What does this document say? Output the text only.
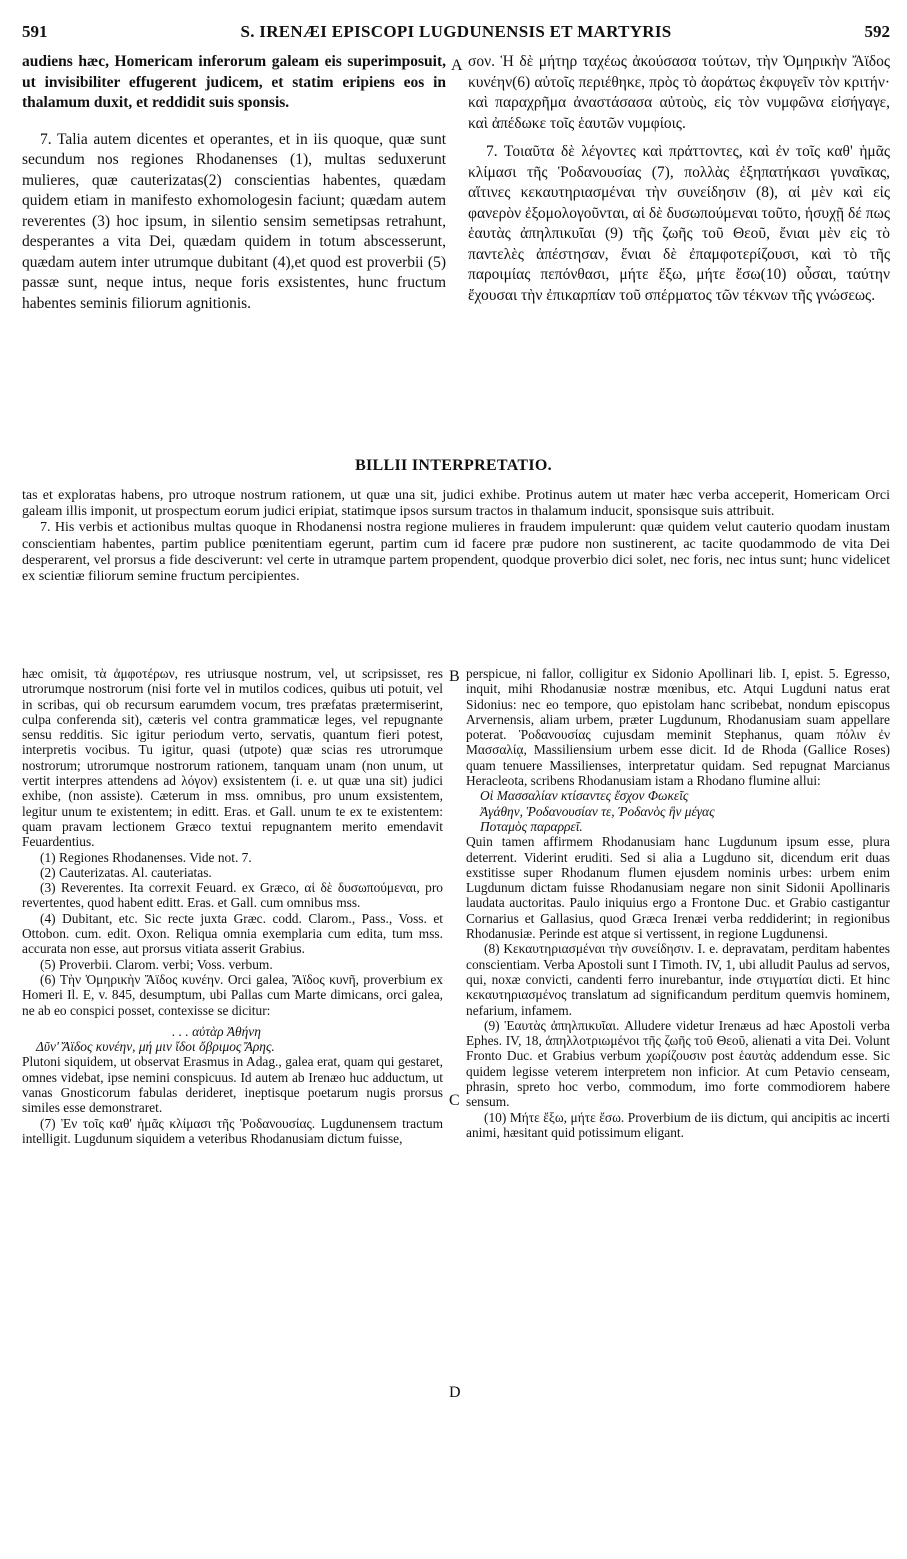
591	S. IRENÆI EPISCOPI LUGDUNENSIS ET MARTYRIS	592

audiens hæc, Homericam inferorum galeam eis superimposuit, ut invisibiliter effugerent judicem, et statim eripiens eos in thalamum duxit, et reddidit suis sponsis.

7. Talia autem dicentes et operantes, et in iis quoque, quæ sunt secundum nos regiones Rhodanenses (1), multas seduxerunt mulieres, quæ cauterizatas(2) conscientias habentes, quædam quidem etiam in manifesto exhomologesin faciunt; quædam autem reverentes (3) hoc ipsum, in silentio sensim semetipsas retrahunt, desperantes a vita Dei, quædam quidem in totum abscesserunt, quædam autem inter utrumque dubitant (4),et quod est proverbii (5) passæ sunt, neque intus, neque foris exsistentes, hunc fructum habentes seminis filiorum agnitionis.

A σον. Ἡ δὲ μήτηρ ταχέως ἀκούσασα τούτων, τὴν Ὁμηρικὴν Ἄϊδος κυνέην(6) αὐτοῖς περιέθηκε, πρὸς τὸ ἀοράτως ἐκφυγεῖν τὸν κριτήν· καὶ παραχρῆμα ἀναστάσασα αὐτοὺς, εἰς τὸν νυμφῶνα εἰσήγαγε, καὶ ἀπέδωκε τοῖς ἑαυτῶν νυμφίοις.

7. Τοιαῦτα δὲ λέγοντες καὶ πράττοντες, καὶ ἐν τοῖς καθ' ἡμᾶς κλίμασι τῆς Ῥοδανουσίας (7), πολλὰς ἐξηπατήκασι γυναῖκας, αἵτινες κεκαυτηριασμέναι τὴν συνείδησιν (8), αἱ μὲν καὶ εἰς φανερὸν ἐξομολογοῦνται, αἱ δὲ δυσωπούμεναι τοῦτο, ἡσυχῇ δέ πως ἑαυτὰς ἀπηλπικυῖαι (9) τῆς ζωῆς τοῦ Θεοῦ, ἔνιαι μὲν εἰς τὸ παντελὲς ἀπέστησαν, ἔνιαι δὲ ἐπαμφοτερίζουσι, καὶ τὸ τῆς παροιμίας πεπόνθασι, μήτε ἔξω, μήτε ἔσω(10) οὖσαι, ταύτην ἔχουσαι τὴν ἐπικαρπίαν τοῦ σπέρματος τῶν τέκνων τῆς γνώσεως.

BILLII INTERPRETATIO.

tas et exploratas habens, pro utroque nostrum rationem, ut quæ una sit, judici exhibe. Protinus autem ut mater hæc verba acceperit, Homericam Orci galeam illis imponit, ut prospectum eorum judici eripiat, statimque ipsos sursum tractos in thalamum inducit, sponsisque suis attribuit.

7. His verbis et actionibus multas quoque in Rhodanensi nostra regione mulieres in fraudem impulerunt: quæ quidem velut cauterio quodam inustam conscientiam habentes, partim publice pœnitentiam egerunt, partim cum id facere præ pudore non sustinerent, ac tacite quodammodo de vita Dei desperarent, vel prorsus a fide desciverunt: vel certe in utramque partem propendent, quodque proverbio dici solet, nec foris, nec intus sunt; hunc videlicet ex scientiæ filiorum semine fructum percipientes.

hæc omisit, τὰ ἀμφοτέρων, res utriusque nostrum, vel, ut scripsisset, res utrorumque nostrorum (nisi forte vel in mutilos codices, quibus uti potuit, vel in scribas, qui ob recursum earumdem vocum, tres præfatas prætermiserint, culpa conferenda sit), cæteris vel contra grammaticæ leges, vel repugnante sensu redditis. Sic igitur periodum verto, servatis, quantum fieri potest, interpretis vocibus. Tu igitur, quasi (utpote) quæ scias res utrorumque nostrorum; utrorumque nostrorum rationem, tanquam unam (non unum, ut vertit interpres attendens ad λόγον) exsistentem (i. e. ut quæ una sit) judici exhibe, (non assiste). Cæterum in mss. omnibus, pro unum exsistentem, legitur unum te existentem; in editt. Eras. et Gall. unum te ex te existentem: quam pravam lectionem Græco textui repugnantem merito emendavit Feuardentius.

(1) Regiones Rhodanenses. Vide not. 7.

(2) Cauterizatas. Al. cauteriatas.

(3) Reverentes. Ita correxit Feuard. ex Græco, αἱ δὲ δυσωπούμεναι, pro revertentes, quod habent editt. Eras. et Gall. cum omnibus mss.

(4) Dubitant, etc. Sic recte juxta Græc. codd. Clarom., Pass., Voss. et Ottobon. cum. edit. Oxon. Reliqua omnia exemplaria cum edita, tum mss. accurata non esse, aut prorsus vitiata asserit Grabius.

(5) Proverbii. Clarom. verbi; Voss. verbum.

(6) Τὴν Ὁμηρικὴν Ἄϊδος κυνέην. Orci galea, Ἄϊδος κυνῆ, proverbium ex Homeri Il. E, v. 845, desumptum, ubi Pallas cum Marte dimicans, orci galea, ne ab eo conspici posset, contexisse se dicitur:

. . . αὐτὰρ Ἀθήνη

Δῦν' Ἄϊδος κυνέην, μή μιν ἴδοι ὄβριμος Ἄρης.

Plutoni siquidem, ut observat Erasmus in Adag., galea erat, quam qui gestaret, omnes videbat, ipse nemini conspicuus. Id autem ab Irenæo huc adductum, ut vanas Gnosticorum fabulas derideret, ineptisque poetarum nugis prorsus similes esse demonstraret.

(7) Ἐν τοῖς καθ' ἡμᾶς κλίμασι τῆς Ῥοδανουσίας. Lugdunensem tractum intelligit. Lugdunum siquidem a veteribus Rhodanusiam dictum fuisse,

B
C
D

perspicue, ni fallor, colligitur ex Sidonio Apollinari lib. I, epist. 5. Egresso, inquit, mihi Rhodanusiæ nostræ mœnibus, etc. Atqui Lugduni natus erat Sidonius: nec eo tempore, quo epistolam hanc scribebat, nondum episcopus Arvernensis, aliam urbem, præter Lugdunum, Rhodanusiam suam appellare poterat. Ῥοδανουσίας cujusdam meminit Stephanus, quam πόλιν ἐν Μασσαλίᾳ, Massiliensium urbem esse dicit. Id de Rhoda (Gallice Roses) quam tenuere Massilienses, interpretatur quidam. Sed repugnat Marcianus Heracleota, scribens Rhodanusiam istam a Rhodano flumine allui:

Οἱ Μασσαλίαν κτίσαντες ἔσχον Φωκεῖς

Ἀγάθην, Ῥοδανουσίαν τε, Ῥοδανὸς ἣν μέγας

Ποταμὸς παραρρεῖ.

Quin tamen affirmem Rhodanusiam hanc Lugdunum ipsum esse, plura deterrent. Viderint eruditi. Sed si alia a Lugduno sit, dicendum erit duas exstitisse super Rhodanum flumen ejusdem nominis urbes: urbem enim Lugdunum dictam fuisse Rhodanusiam negare non sinit Sidonii Apollinaris laudata auctoritas. Paulo iniquius ergo a Frontone Duc. et Grabio castigantur Cornarius et Gallasius, quod Græca Irenæi verba reddiderint; in regionibus Rhodanusiæ. Perinde est atque si vertissent, in regione Lugdunensi.

(8) Κεκαυτηριασμέναι τὴν συνείδησιν. I. e. depravatam, perditam habentes conscientiam. Verba Apostoli sunt I Timoth. IV, 1, ubi alludit Paulus ad servos, qui, noxæ convicti, candenti ferro inurebantur, inde στιγματίαι dicti. Et hinc κεκαυτηριασμένος translatum ad significandum perditum quemvis hominem, nefarium, infamem.

(9) Ἑαυτὰς ἀπηλπικυῖαι. Alludere videtur Irenæus ad hæc Apostoli verba Ephes. IV, 18, ἀπηλλοτριωμένοι τῆς ζωῆς τοῦ Θεοῦ, alienati a vita Dei. Volunt Fronto Duc. et Grabius verbum χωρίζουσιν post ἑαυτὰς addendum esse. Sic quidem legisse veterem interpretem non inficior. At cum Petavio censeam, phrasin, spreto hoc verbo, commodum, imo forte commodiorem habere sensum.

(10) Μήτε ἔξω, μήτε ἔσω. Proverbium de iis dictum, qui ancipitis ac incerti animi, hæsitant quid potissimum eligant.
